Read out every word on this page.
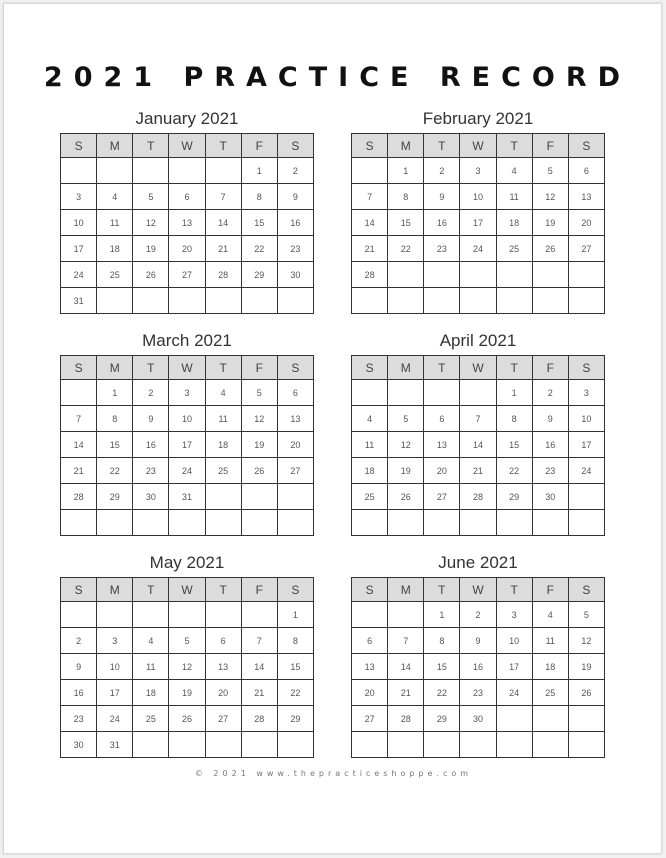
2021 PRACTICE RECORD
January 2021
S	M	T	W	T	F	S
					1	2
3	4	5	6	7	8	9
10	11	12	13	14	15	16
17	18	19	20	21	22	23
24	25	26	27	28	29	30
31						
February 2021
S	M	T	W	T	F	S
	1	2	3	4	5	6
7	8	9	10	11	12	13
14	15	16	17	18	19	20
21	22	23	24	25	26	27
28						

March 2021
S	M	T	W	T	F	S
	1	2	3	4	5	6
7	8	9	10	11	12	13
14	15	16	17	18	19	20
21	22	23	24	25	26	27
28	29	30	31			

April 2021
S	M	T	W	T	F	S
				1	2	3
4	5	6	7	8	9	10
11	12	13	14	15	16	17
18	19	20	21	22	23	24
25	26	27	28	29	30	

May 2021
S	M	T	W	T	F	S
						1
2	3	4	5	6	7	8
9	10	11	12	13	14	15
16	17	18	19	20	21	22
23	24	25	26	27	28	29
30	31					
June 2021
S	M	T	W	T	F	S
		1	2	3	4	5
6	7	8	9	10	11	12
13	14	15	16	17	18	19
20	21	22	23	24	25	26
27	28	29	30			

© 2021 www.thepracticeshoppe.com
